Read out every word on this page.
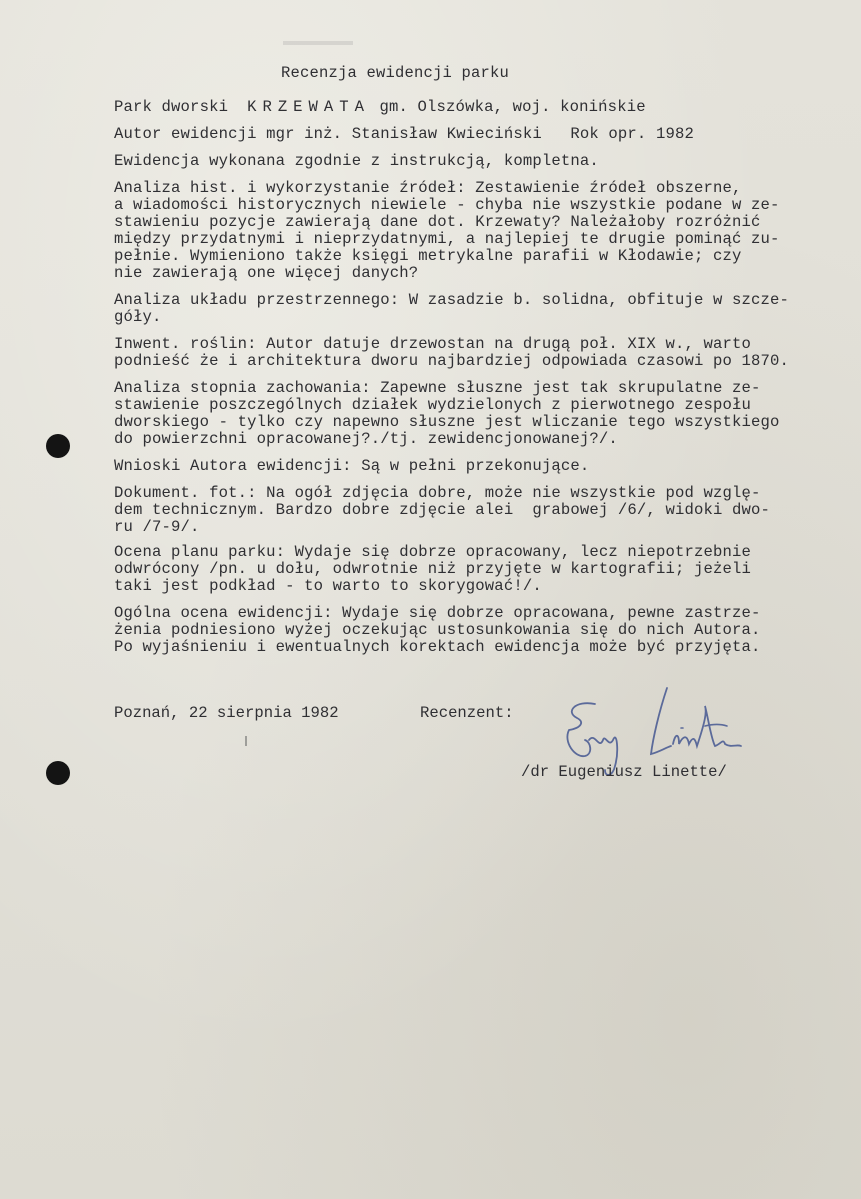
Recenzja ewidencji parku
Park dworski KRZEWATA gm. Olszówka, woj. konińskie
Autor ewidencji mgr inż. Stanisław Kwieciński   Rok opr. 1982
Ewidencja wykonana zgodnie z instrukcją, kompletna.
Analiza hist. i wykorzystanie źródeł: Zestawienie źródeł obszerne,
a wiadomości historycznych niewiele - chyba nie wszystkie podane w ze-
stawieniu pozycje zawierają dane dot. Krzewaty? Należałoby rozróżnić
między przydatnymi i nieprzydatnymi, a najlepiej te drugie pominąć zu-
pełnie. Wymieniono także księgi metrykalne parafii w Kłodawie; czy
nie zawierają one więcej danych?
Analiza układu przestrzennego: W zasadzie b. solidna, obfituje w szcze-
góły.
Inwent. roślin: Autor datuje drzewostan na drugą poł. XIX w., warto
podnieść że i architektura dworu najbardziej odpowiada czasowi po 1870.
Analiza stopnia zachowania: Zapewne słuszne jest tak skrupulatne ze-
stawienie poszczególnych działek wydzielonych z pierwotnego zespołu
dworskiego - tylko czy napewno słuszne jest wliczanie tego wszystkiego
do powierzchni opracowanej?./tj. zewidencjonowanej?/.
Wnioski Autora ewidencji: Są w pełni przekonujące.
Dokument. fot.: Na ogół zdjęcia dobre, może nie wszystkie pod wzglę-
dem technicznym. Bardzo dobre zdjęcie alei  grabowej /6/, widoki dwo-
ru /7-9/.
Ocena planu parku: Wydaje się dobrze opracowany, lecz niepotrzebnie
odwrócony /pn. u dołu, odwrotnie niż przyjęte w kartografii; jeżeli
taki jest podkład - to warto to skorygować!/.
Ogólna ocena ewidencji: Wydaje się dobrze opracowana, pewne zastrze-
żenia podniesiono wyżej oczekując ustosunkowania się do nich Autora.
Po wyjaśnieniu i ewentualnych korektach ewidencja może być przyjęta.
Poznań, 22 sierpnia 1982	Recenzent:
/dr Eugeniusz Linette/
